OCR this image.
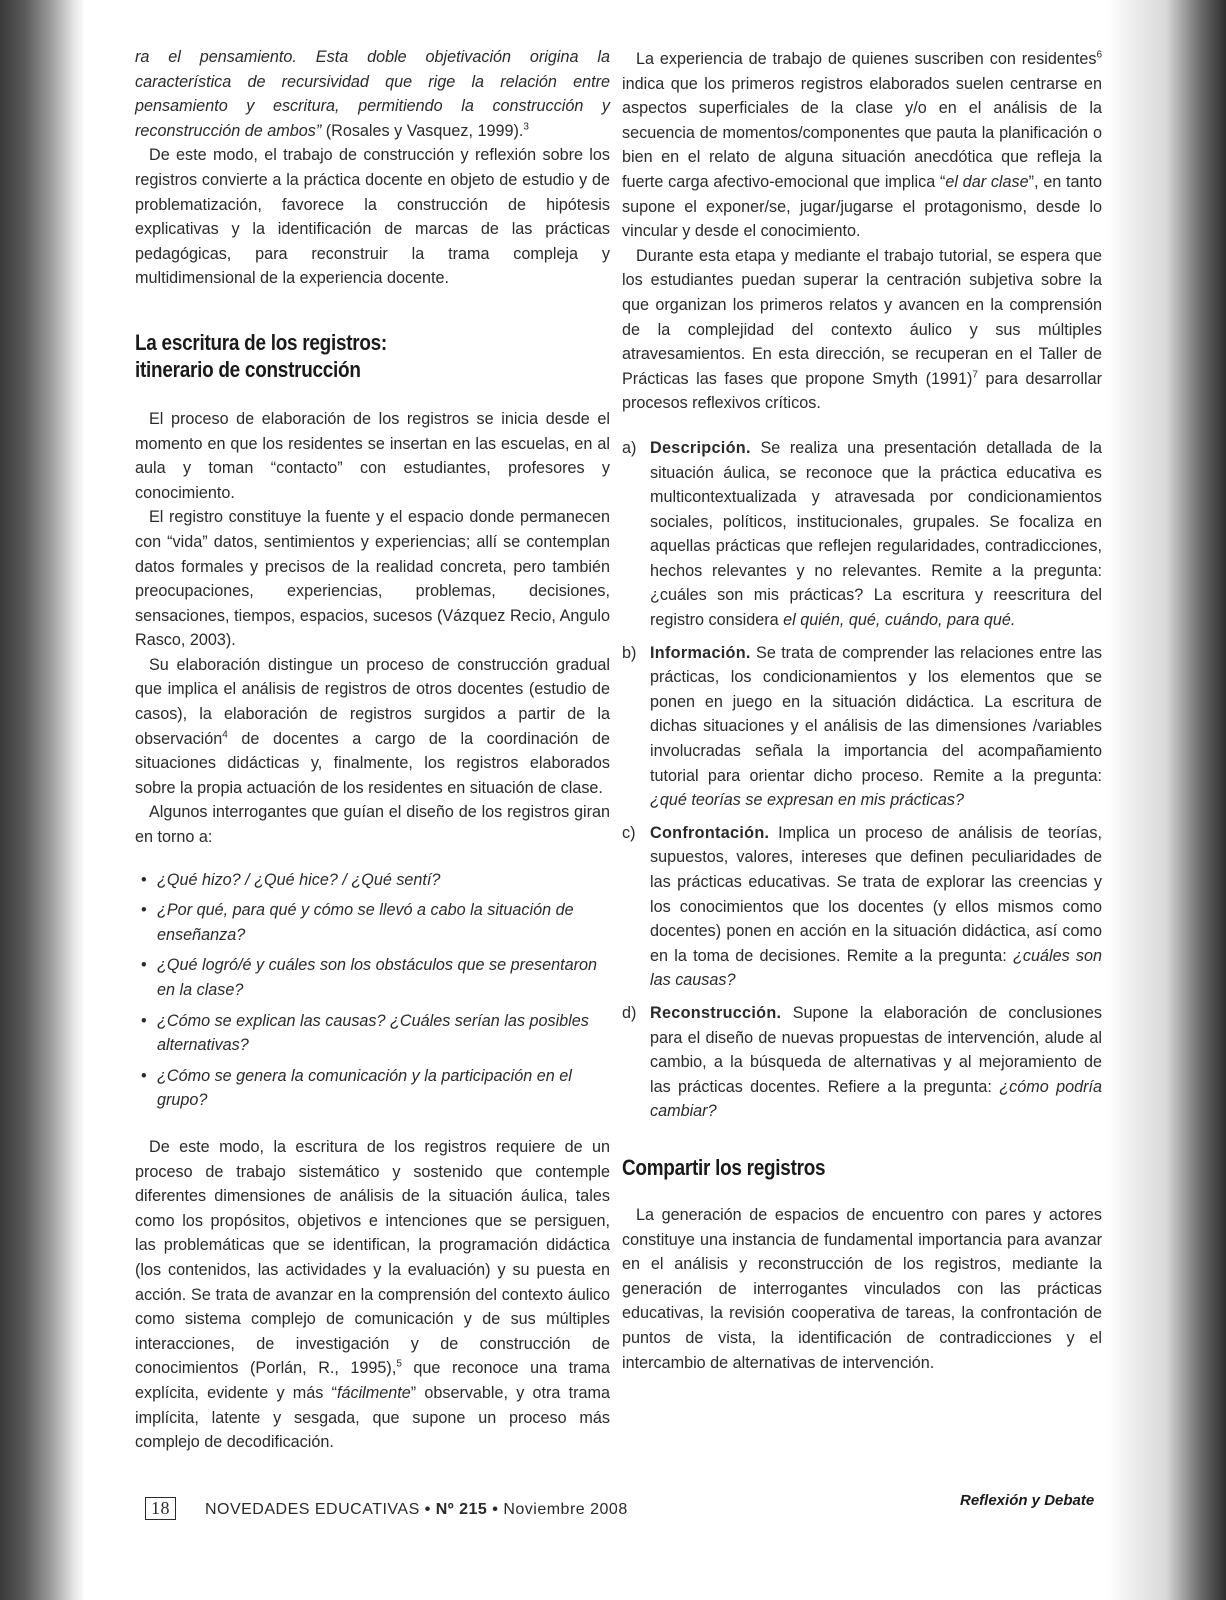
ra el pensamiento. Esta doble objetivación origina la característica de recursividad que rige la relación entre pensamiento y escritura, permitiendo la construcción y reconstrucción de ambos” (Rosales y Vasquez, 1999).$^3$

De este modo, el trabajo de construcción y reflexión sobre los registros convierte a la práctica docente en objeto de estudio y de problematización, favorece la construcción de hipótesis explicativas y la identificación de marcas de las prácticas pedagógicas, para reconstruir la trama compleja y multidimensional de la experiencia docente.

La escritura de los registros:
itinerario de construcción

El proceso de elaboración de los registros se inicia desde el momento en que los residentes se insertan en las escuelas, en al aula y toman “contacto” con estudiantes, profesores y conocimiento.

El registro constituye la fuente y el espacio donde permanecen con “vida” datos, sentimientos y experiencias; allí se contemplan datos formales y precisos de la realidad concreta, pero también preocupaciones, experiencias, problemas, decisiones, sensaciones, tiempos, espacios, sucesos (Vázquez Recio, Angulo Rasco, 2003).

Su elaboración distingue un proceso de construcción gradual que implica el análisis de registros de otros docentes (estudio de casos), la elaboración de registros surgidos a partir de la observación$^4$ de docentes a cargo de la coordinación de situaciones didácticas y, finalmente, los registros elaborados sobre la propia actuación de los residentes en situación de clase.

Algunos interrogantes que guían el diseño de los registros giran en torno a:

• ¿Qué hizo? / ¿Qué hice? / ¿Qué sentí?
• ¿Por qué, para qué y cómo se llevó a cabo la situación de enseñanza?
• ¿Qué logró/é y cuáles son los obstáculos que se presentaron en la clase?
• ¿Cómo se explican las causas? ¿Cuáles serían las posibles alternativas?
• ¿Cómo se genera la comunicación y la participación en el grupo?

De este modo, la escritura de los registros requiere de un proceso de trabajo sistemático y sostenido que contemple diferentes dimensiones de análisis de la situación áulica, tales como los propósitos, objetivos e intenciones que se persiguen, las problemáticas que se identifican, la programación didáctica (los contenidos, las actividades y la evaluación) y su puesta en acción. Se trata de avanzar en la comprensión del contexto áulico como sistema complejo de comunicación y de sus múltiples interacciones, de investigación y de construcción de conocimientos (Porlán, R., 1995),$^5$ que reconoce una trama explícita, evidente y más “fácilmente” observable, y otra trama implícita, latente y sesgada, que supone un proceso más complejo de decodificación.

La experiencia de trabajo de quienes suscriben con residentes$^6$ indica que los primeros registros elaborados suelen centrarse en aspectos superficiales de la clase y/o en el análisis de la secuencia de momentos/componentes que pauta la planificación o bien en el relato de alguna situación anecdótica que refleja la fuerte carga afectivo-emocional que implica “el dar clase”, en tanto supone el exponer/se, jugar/jugarse el protagonismo, desde lo vincular y desde el conocimiento.

Durante esta etapa y mediante el trabajo tutorial, se espera que los estudiantes puedan superar la centración subjetiva sobre la que organizan los primeros relatos y avancen en la comprensión de la complejidad del contexto áulico y sus múltiples atravesamientos. En esta dirección, se recuperan en el Taller de Prácticas las fases que propone Smyth $(1991)^7$ para desarrollar procesos reflexivos críticos.

a) Descripción. Se realiza una presentación detallada de la situación áulica, se reconoce que la práctica educativa es multicontextualizada y atravesada por condicionamientos sociales, políticos, institucionales, grupales. Se focaliza en aquellas prácticas que reflejen regularidades, contradicciones, hechos relevantes y no relevantes. Remite a la pregunta: ¿cuáles son mis prácticas? La escritura y reescritura del registro considera el quién, qué, cuándo, para qué.

b) Información. Se trata de comprender las relaciones entre las prácticas, los condicionamientos y los elementos que se ponen en juego en la situación didáctica. La escritura de dichas situaciones y el análisis de las dimensiones /variables involucradas señala la importancia del acompañamiento tutorial para orientar dicho proceso. Remite a la pregunta: ¿qué teorías se expresan en mis prácticas?

c) Confrontación. Implica un proceso de análisis de teorías, supuestos, valores, intereses que definen peculiaridades de las prácticas educativas. Se trata de explorar las creencias y los conocimientos que los docentes (y ellos mismos como docentes) ponen en acción en la situación didáctica, así como en la toma de decisiones. Remite a la pregunta: ¿cuáles son las causas?

d) Reconstrucción. Supone la elaboración de conclusiones para el diseño de nuevas propuestas de intervención, alude al cambio, a la búsqueda de alternativas y al mejoramiento de las prácticas docentes. Refiere a la pregunta: ¿cómo podría cambiar?

Compartir los registros

La generación de espacios de encuentro con pares y actores constituye una instancia de fundamental importancia para avanzar en el análisis y reconstrucción de los registros, mediante la generación de interrogantes vinculados con las prácticas educativas, la revisión cooperativa de tareas, la confrontación de puntos de vista, la identificación de contradicciones y el intercambio de alternativas de intervención.

18 NOVEDADES EDUCATIVAS • Nº 215 • Noviembre 2008
Reflexión y Debate
